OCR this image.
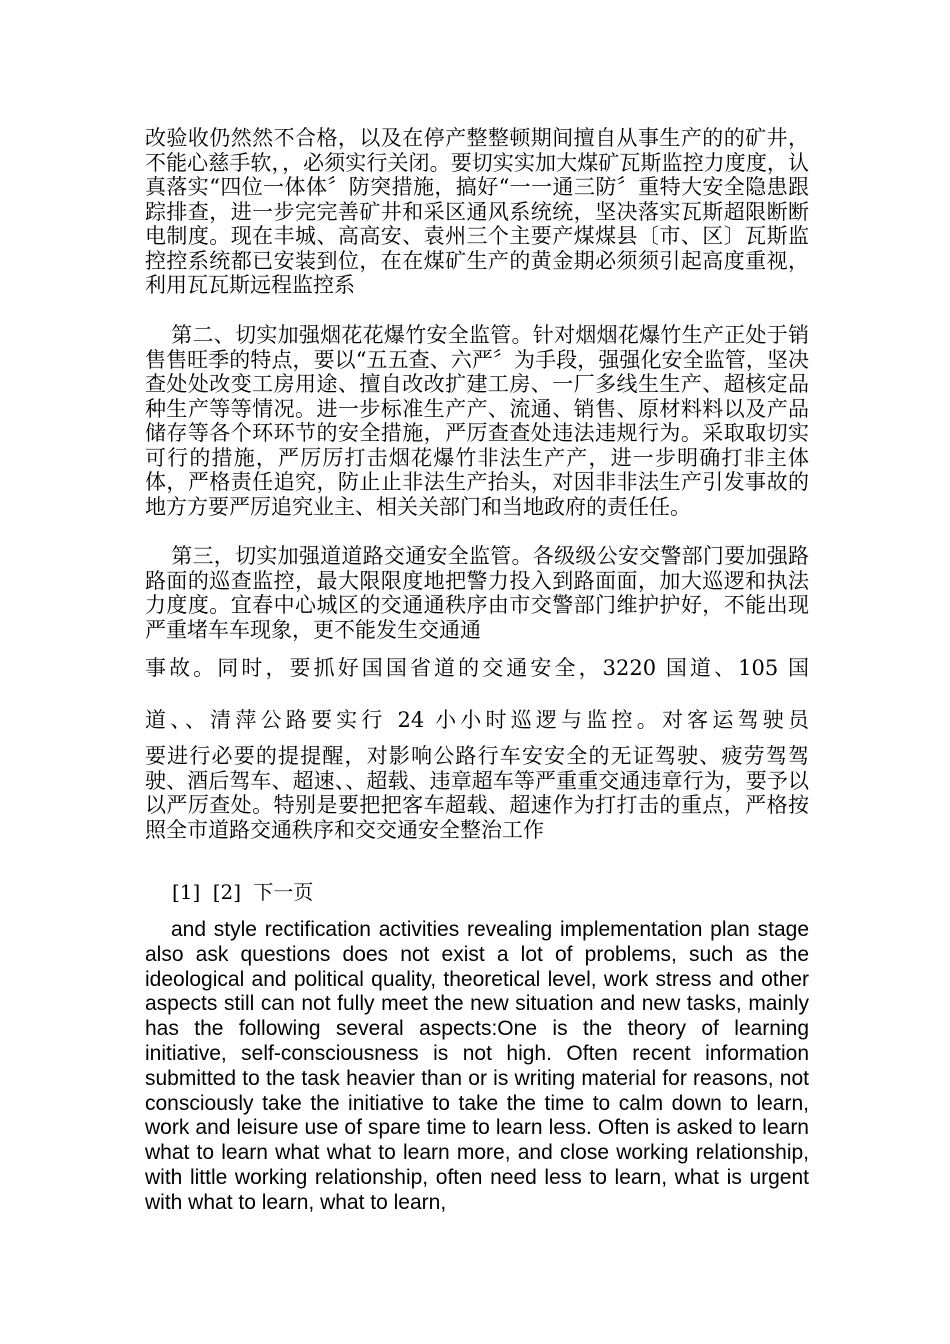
改验收仍然然不合格，以及在停产整整顿期间擅自从事生产的的矿井，不能心慈手软，，必须实行关闭。要切实实加大煤矿瓦斯监控力度度，认真落实“四位一体体〞防突措施，搞好“一一通三防〞重特大安全隐患跟踪排查，进一步完完善矿井和采区通风系统统，坚决落实瓦斯超限断断电制度。现在丰城、高高安、袁州三个主要产煤煤县〔市、区〕瓦斯监控控系统都已安装到位，在在煤矿生产的黄金期必须须引起高度重视，利用瓦瓦斯远程监控系

第二、切实加强烟花花爆竹安全监管。针对烟烟花爆竹生产正处于销售售旺季的特点，要以“五五查、六严〞为手段，强强化安全监管，坚决查处处改变工房用途、擅自改改扩建工房、一厂多线生生产、超核定品种生产等等情况。进一步标准生产产、流通、销售、原材料料以及产品储存等各个环环节的安全措施，严厉查查处违法违规行为。采取取切实可行的措施，严厉厉打击烟花爆竹非法生产产，进一步明确打非主体体，严格责任追究，防止止非法生产抬头，对因非非法生产引发事故的地方方要严厉追究业主、相关关部门和当地政府的责任任。

第三，切实加强道道路交通安全监管。各级级公安交警部门要加强路路面的巡查监控，最大限限度地把警力投入到路面面，加大巡逻和执法力度度。宜春中心城区的交通通秩序由市交警部门维护护好，不能出现严重堵车车现象，更不能发生交通通

事故。同时，要抓好国国省道的交通安全，3220 国道、105 国

道、、清萍公路要实行 24 小小时巡逻与监控。对客运驾驶员

要进行必要的提提醒，对影响公路行车安安全的无证驾驶、疲劳驾驾驶、酒后驾车、超速、、超载、违章超车等严重重交通违章行为，要予以以严厉查处。特别是要把把客车超载、超速作为打打击的重点，严格按照全市道路交通秩序和交交通安全整治工作

[1] [2] 下一页

and style rectification activities revealing implementation plan stage also ask questions does not exist a lot of problems, such as the ideological and political quality, theoretical level, work stress and other aspects still can not fully meet the new situation and new tasks, mainly has the following several aspects:One is the theory of learning initiative, self-consciousness is not high. Often recent information submitted to the task heavier than or is writing material for reasons, not consciously take the initiative to take the time to calm down to learn, work and leisure use of spare time to learn less. Often is asked to learn what to learn what what to learn more, and close working relationship, with little working relationship, often need less to learn, what is urgent with what to learn, what to learn,
